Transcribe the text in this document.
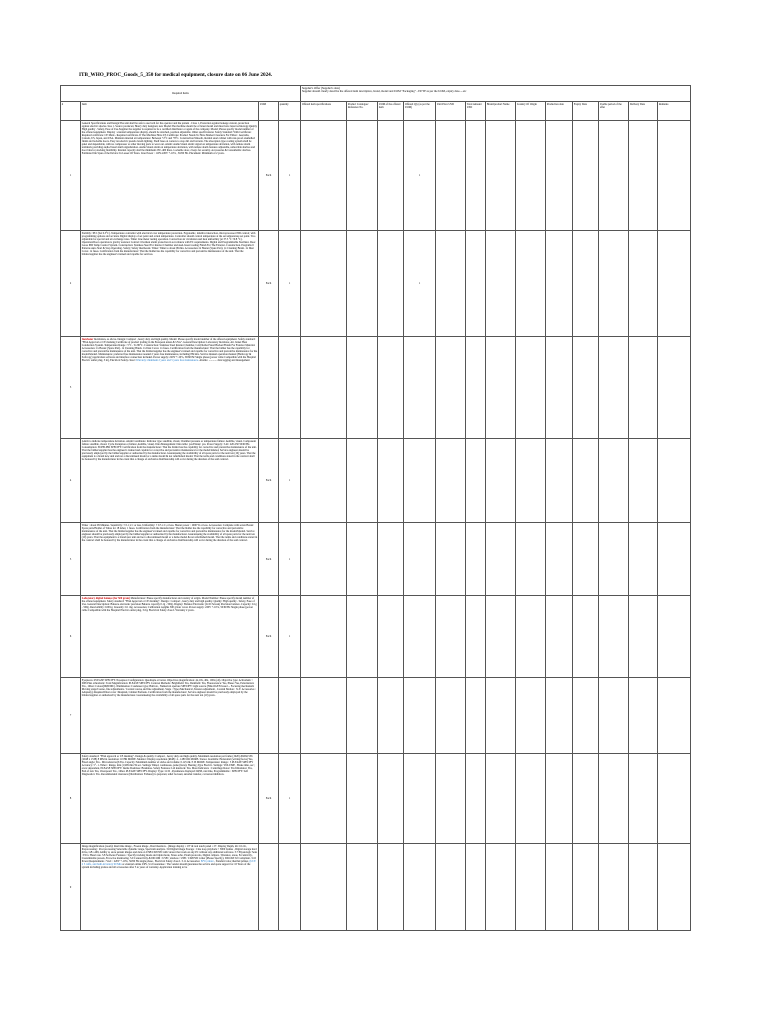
ITB_WHO_PROC_Goods_5_350 for medical equipment, closure date on 06 June 2024.
Required Items				Supplier's Offer (Supplier's data)
Supplier should clearly describe the offered item description, brand, model and UOM "Packaging" - EP/TP as per the UOM, expiry date.....etc												

#	Item	UOM	quantity	Offered item specifications	Product Catalogue/ Reference No.	UOM of the offered item	Offered Qty (as per the UOM)	Unit Price USD	Total Amount USD	Brand/product Name	Country Of Origin	Production date	Expiry Date	Usable period of the offer	Delivery Date	Remarks
1	General Specifications and Design:The unit shall be safe to use both for the operator and the patient . Class 1. Protection against leakage current, protection against electric shocks class 1. Source produced, Heavy duty designed, new Model.The machine should be of latest model and must have latest technology.Quality High quality . Safety, Ease of Use.Supplier the supplier is required to be a certified distributor or agent of the company. Model: Please specify model number of the offered equipment. Display : external temperature display, should be attached, position adjustable. Other specifications: Safety Standard: With Certificate: Required certificate: CE Mark - Required certificate. If The Machine Have US Certificate: Product Needs To Have Market Clearance For Either : Australia, Canada, US, Japan, and USA. Maintain internal air temperature: Between +2°C and +8°C. Construction:Smooth, molded steel cabinet with rust-proof enamelled finish and lockable doors. Easy ran electric pseudo lorem lighting. Shelf base on corners to stop dirt and bacteria. The absorption type cooling system shall be quiet and dependable, with no compressor or other moving parts to wear out. Alarm: Audio/visual alarm: signal on temperature deviation, with remote alarm terminals providing audio/visual alarm signalization. Audio/visual alarm on temperature deviation, with remote alarm features adjustable, removable shelves and door bins for stacking flexibility. Internal capacity shall be minimum 250 -400 liters. Lockable door, 2 keys for security. Accessories & Consumable: shelves. Estimated life Span of the Device: In Leaser Of Years. Line Power : 110V-220V +-10% , 50/60 Hz. Placement: Minimum of 2 years.	Each	1				1									
2	Stability: 38.5 (Set 0.5°C). Temperature controller with electrical over temperature protection. Ergonomic, intuitive interaction, microprocessor PID control; with programming options and accurate Digital display of set point and actual temperature. Controller should control temperature at the set temperature set point. Two adjustable for special and air exchange rates. Timer Line meter testing operation. Convection air circulation and heat uniformity (at 37.5 °C ±0.8 °C). Operation:Door operation is gravity assisted. Control: Overheat alarm protection in accordance with EC requirements. Digital and Programmable Sterilizer. Door Gross PID Temp Control System. Construction: Stainless Steel For Interior Chamber and steel-based coating Finish For The Exterior. Construction. Programs 6 Patterns Auto Start & Stop Operating. Safety: Safety thermostat. Timer: Timer to about 99 min. Accessories:1x Heater (Spare Part). 1x Cleaning Brush. 1x Dust Cover. 1x fuses. Certification from the manufacturer: That the bidder has the capability for corrective and preventive maintenance of the unit. That the bidder/supplier has the engineer's trained and capable for services.	Each	1				1									
3	Incubator Incubation, as above. Design: Compact , heavy duty and high quality. Model: Please specify model number of the offered equipment. Safety standard: "FDA Approval or CE marking Certificate of product trading in the European union & USA". General Description: Laboratory Incubator, Air Jacket Heat Conduction System. Temperature Range : 5°C - To 80°C. Construction: Stainless Steel Interior Chamber, Cold Rolled Steel Backed Finish For Exterior Material. Accessories: 1x Heater (Spare Part). 1x Cleaning Brush. 1x Dust Cover. 1x fuses. Certification from the manufacturer: That the bidder has the capability for corrective and preventive maintenance of the unit. That the bidder/supplier has the engineer's trained and capable for corrective and preventive maintenance for the model/labeled. Maintenance: preferred free maintenance needed 2 years free maintenance, including PM kits. Service manual operation manual (Hardcopy & Softcopy) application software and interface connection included. Power supply: 220V +-10%, 50/60 Hz Single phase (power cable Compatible with the Hospital Electric outlet plug, 3 m), Electrical Safety class I Warranty: minimum 2 years and 5 years free maintenance. Alarms: ............ data logging and management															
4	Alarm to indicate temperature deviation. Alarm Conditions: Indicator type: Audible, visual, Chamber pressure or temperature failure: Audible, visual. Component failure: Audible, visual. Cycle disruption or failure: Audible, visual. Data Management: Data table: yes/Printer: yes. Power Supply: 3 AC 220-230 50/60 Hz. Consumption: SUPPLIER SPECIFY. Certification from the manufacturer: That the bidder has the capability for corrective and preventive maintenance of the unit. That the bidder/supplier has the engineer's trained and capable for corrective and preventive maintenance for the model/labeled. Service engineer should be previously employed by the bidder/supplier or authorized by the manufacturer. Guaranteeing the availability of all spare parts for the next ten (10) years. That the equipment is a brand new unit and not a discontinued model or a demo model & not refurbished model. That the terms and conditions stated in the contract shall be honored by the manufacturer in the event that a change of exclusive distributorship will occur during the duration of the said contract.	Each	1													
5	Timer : about 99 Minutes. Sensitivity: ± 0.1 x C or less. Uniformity: ± 0.5 x C or less. Heater power : 1000 W or less. Accessories: Complete with seven Heater Spare parts/Holder of Tubes for 18 tubes; 1 fuses. Certification from the manufacturer: That the bidder has the capability for corrective and preventive maintenance of the unit. That the bidder/supplier has the engineer's trained and capable for corrective and preventive maintenance for the model/labeled. Service engineer should be previously employed by the bidder/supplier or authorized by the manufacturer. Guaranteeing the availability of all spare parts for the next ten (10) years. That the equipment is a brand new unit and not a discontinued model or a demo model & not refurbished model. That the terms and conditions stated in the contract shall be honored by the manufacturer in the event that a change of exclusive distributorship will occur during the duration of the said contract.	Each	1													
6	Laboratory digital balance (for 500 gram) Manufacturer: Please specify manufacturer and country of origin. Model Number: Please specify model number of the offered equipment. Safety standard: "FDA Approval or CE marking". Design : Compact , heavy duty and high quality. Quality: High quality . Safety, Ease of Use. General Description: Balance electronic precision Balance capacity 0.1g - 500g. Display: Balance Electronic (LCD Screen) Precision balance. Capacity: 0.1g - 500g. Read Ability: 0.001g. Linearity: 0.1 mg. Accessories: Calibration weights 500 g/four cover. Power supply: 220V +-10%, 50/60 Hz Single phase (power cable Compatible with the Hospital Electric outlet plug, 3 m), Electrical Safety class I. Warranty 2 years.	Each	1													
7	Eyepieces: PLEASE SPECIFY. Nosepiece Configuration: Quadruple or better. Objectives magnification: 4x,10x, 40x, 100x (oil). Objective type: Achromatic / DIN Plan achromatic. Total Magnification: PLEASE SPECIFY. Contrast Methods: Brightfield: Yes, Darkfield: Yes, Fluorescence: Yes, Phase: Yes, Polarization: Yes , Other: Colour(DMI/DIC). Illumination: Condenser type: Built-in , Numerical aperture SPECIFY Light source (HALOGEN based ... Focusing mechanism: Moving stage/Course, fine adjustments / Coaxial course and fine adjustment. Stage : Type=Mechanical ,Tension adjustment , Coaxial Motion : X-Y. Accessories : Adapter(s) Required:Dust cover /Despited. Cabinet Prefreak. Certification from the manufacturer: Service engineer should be previously employed by the bidder/supplier or authorized by the manufacturer. Guaranteeing the availability of all spare parts for the next ten (10) years.															
8	Safety standard: "FDA approval or CE marking". Design & quality: Compact , heavy duty and high quality. Maximum resolution per frame (1920) 2048x1536 (2048 x 1538) 8 MM in resolution: 10 HR MODE. Monitor: Display resolution (RGB): 4 - 1280 OR MORE. Stereo: Available: Horizontal (writing/focus) Yes, Fixed angle: Yes - Microdetector(6 Yes. Capacity: Maximum number of sticks and volume: 0.125 mL/5 IS MORE. Temperature: Range : 5 PLEASE SPECIFY Accuracy: 5°- 1. Timer : Range, min (1,999 min 59 sec. Settings Timed, continuous, pulse (burst). Heating ,Type Electric. Settings: VOLUME , Brake time, sec ; on/or dependent, PLEASE SPECIFY. Inside Doubless: Brushless. Safety Features: Lid interlock: Yes. More Indicators : Centrifuge Rotor: Yes Imbalance: Yes, End of run: Yes, Overspeed: Yes , Other. PLEASE SPECIFY. Display: Type: LCD , Parameters displayed: RPM, run time, Programmable : SPECIFY: Self Diagnostics: Yes. Recommended clearance (Distribution: Exhaust) to prepared, relief focused, automat transfer, corrosion inhibitors.	Each	1													
9	Image magnification (zoom): Real time image , Frozen image , Dual monitors - (Image display = 19" & real touch panel = 9". Display Depth, im: 16 cm , Preprocessing : Post processing Selectable dynamic range, Spectrum analysis. 3.6 Digital image Storage : Cine loop playback > 5000 frames , Digital storage hard drive, GB ≥499, Ability to store patient images and data on USB/CD/DVD with viewer that work on any PC without any additional software. 3.7 Physiologic Sens : ECG: Heart rate. 3.8 Software Features : Specify tracking mode and triple mode, Stress echo ,Exam protocols, Digital calipers / Distance, areas, Eccentricity , Customizable presets, Fet-wave monitoring. 3.9 Connectivity & DICOM : USB / wireless / USB / CD/DVD writer (Please Specify). DICOM 3.0 Compliant. 3.10 Power Requirements : VAC : 220V +-10%, 50/60 Hz single phase , Electrical Safety class I. 3.11 Accessories: B/W printer , Standard color thermal printer, (UCE 2 3 cuffs, and built-in battery 90 Min or external online UPS. 3.12 Guarantee : The vendor should guarantee the service and spare support for 10 Years of the system including probes and all accessories after 3 to years of warranty. Application training to be															
